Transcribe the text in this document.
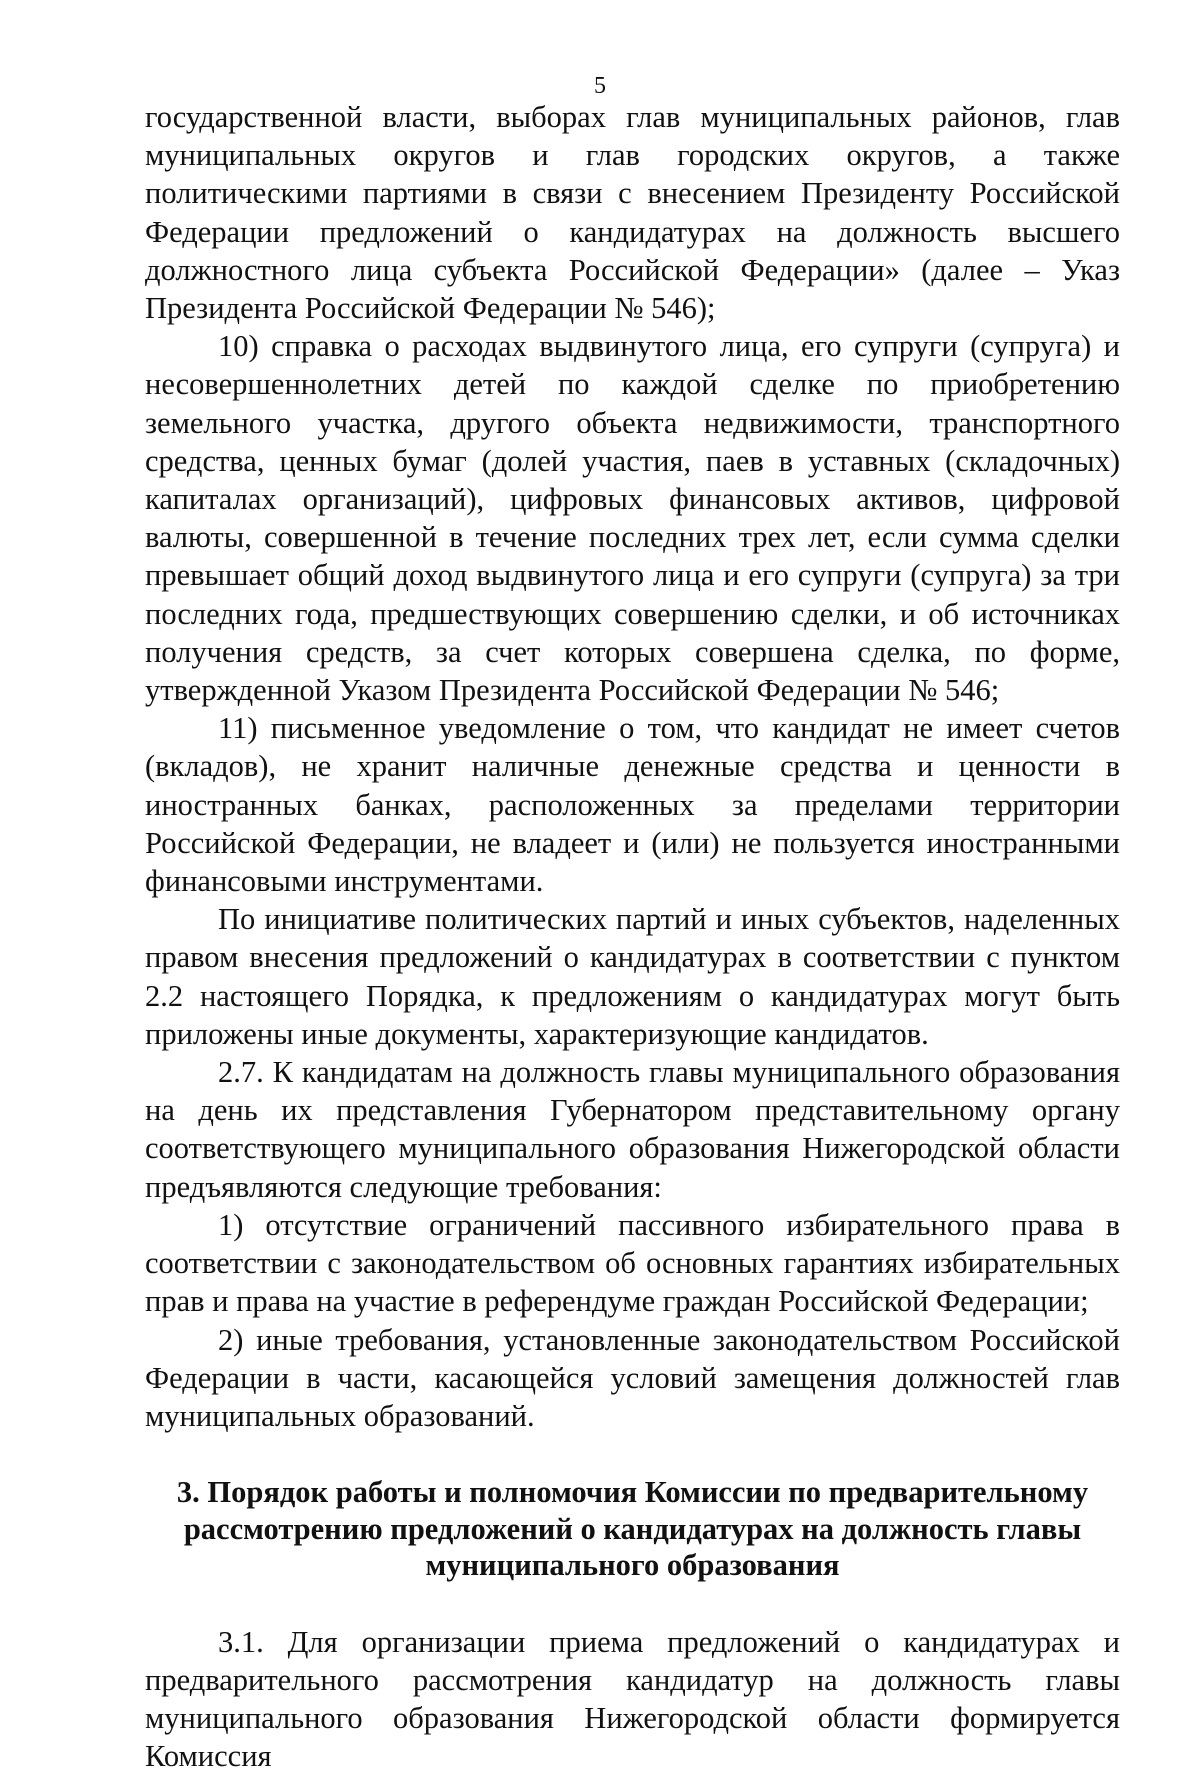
5

государственной власти, выборах глав муниципальных районов, глав муниципальных округов и глав городских округов, а также политическими партиями в связи с внесением Президенту Российской Федерации предложений о кандидатурах на должность высшего должностного лица субъекта Российской Федерации» (далее – Указ Президента Российской Федерации № 546);

10) справка о расходах выдвинутого лица, его супруги (супруга) и несовершеннолетних детей по каждой сделке по приобретению земельного участка, другого объекта недвижимости, транспортного средства, ценных бумаг (долей участия, паев в уставных (складочных) капиталах организаций), цифровых финансовых активов, цифровой валюты, совершенной в течение последних трех лет, если сумма сделки превышает общий доход выдвинутого лица и его супруги (супруга) за три последних года, предшествующих совершению сделки, и об источниках получения средств, за счет которых совершена сделка, по форме, утвержденной Указом Президента Российской Федерации № 546;

11) письменное уведомление о том, что кандидат не имеет счетов (вкладов), не хранит наличные денежные средства и ценности в иностранных банках, расположенных за пределами территории Российской Федерации, не владеет и (или) не пользуется иностранными финансовыми инструментами.

По инициативе политических партий и иных субъектов, наделенных правом внесения предложений о кандидатурах в соответствии с пунктом 2.2 настоящего Порядка, к предложениям о кандидатурах могут быть приложены иные документы, характеризующие кандидатов.

2.7. К кандидатам на должность главы муниципального образования на день их представления Губернатором представительному органу соответствующего муниципального образования Нижегородской области предъявляются следующие требования:

1) отсутствие ограничений пассивного избирательного права в соответствии с законодательством об основных гарантиях избирательных прав и права на участие в референдуме граждан Российской Федерации;

2) иные требования, установленные законодательством Российской Федерации в части, касающейся условий замещения должностей глав муниципальных образований.

3. Порядок работы и полномочия Комиссии по предварительному
рассмотрению предложений о кандидатурах на должность главы
муниципального образования

3.1. Для организации приема предложений о кандидатурах и предварительного рассмотрения кандидатур на должность главы муниципального образования Нижегородской области формируется Комиссия
